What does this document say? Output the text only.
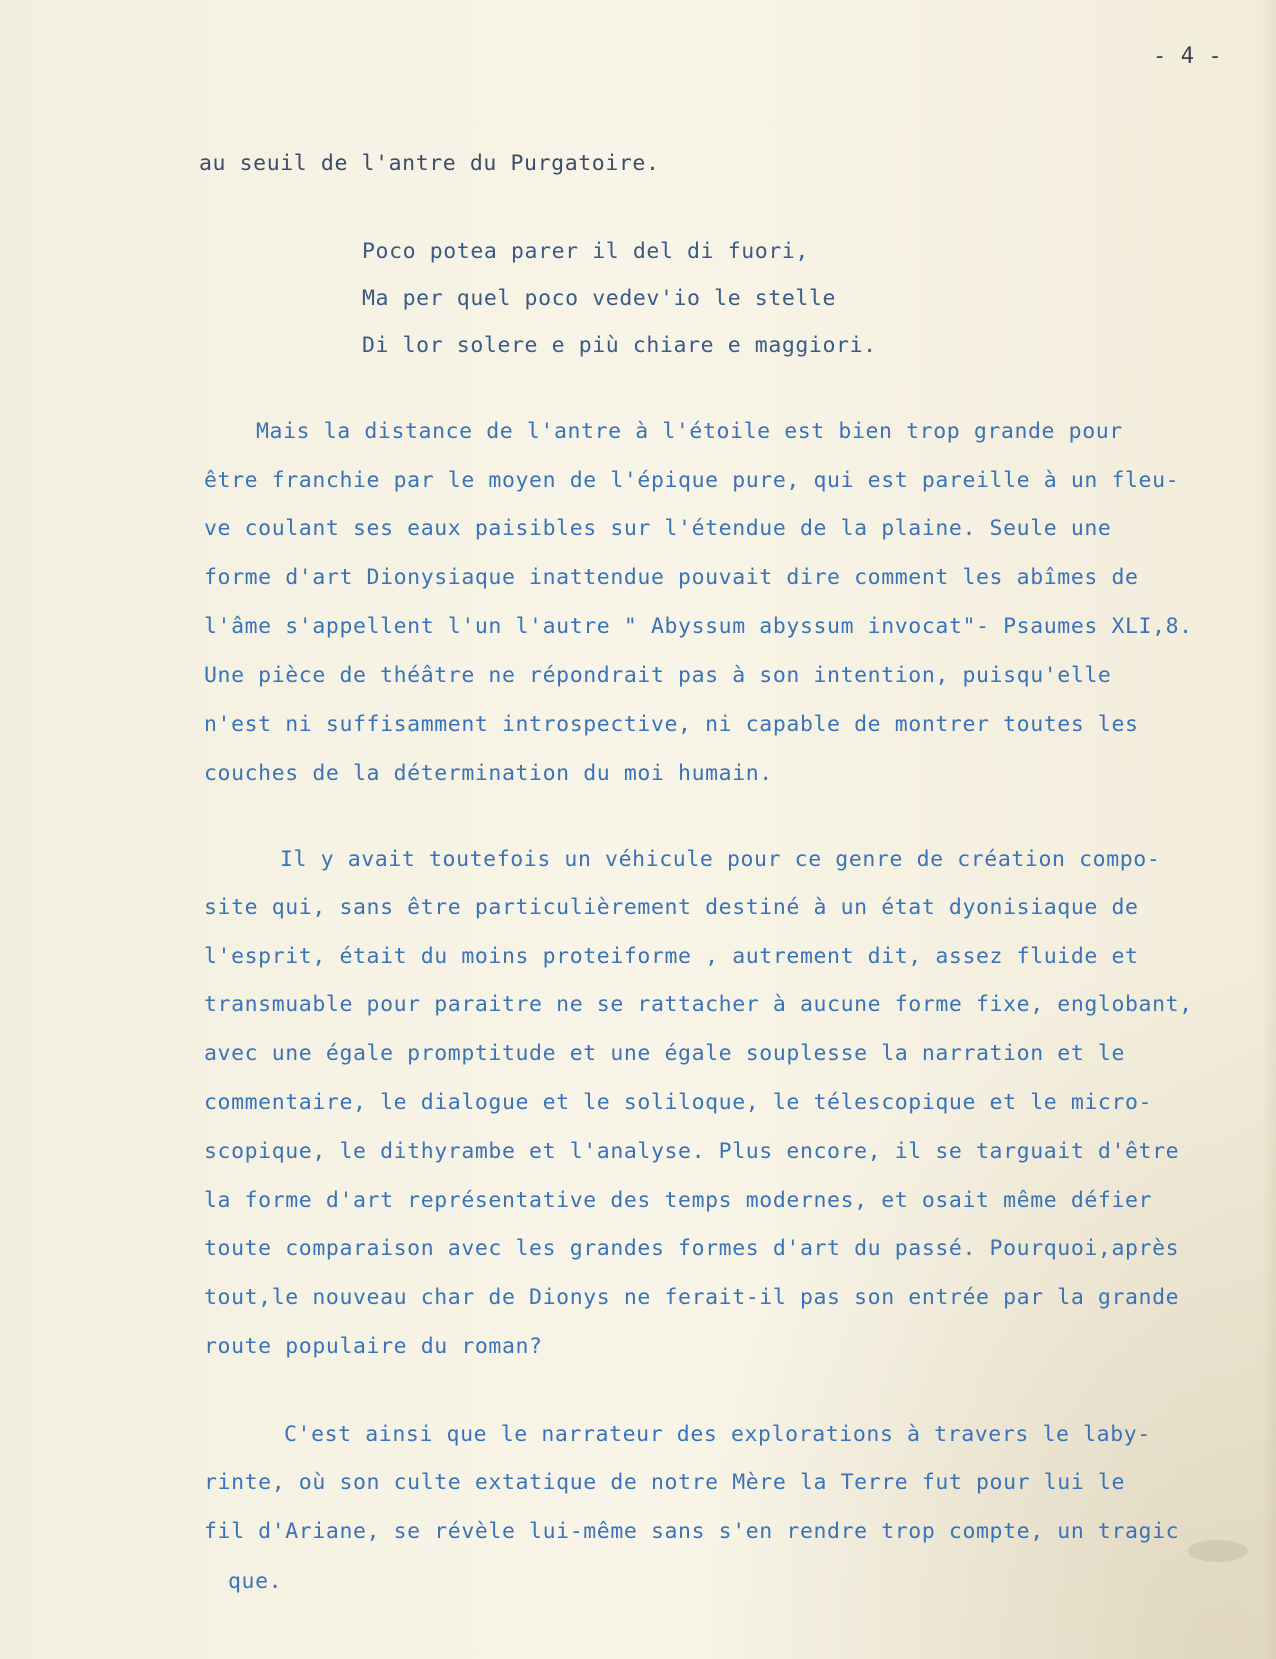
- 4 -
au seuil de l'antre du Purgatoire.
Poco potea parer il del di fuori,
Ma per quel poco vedev'io le stelle
Di lor solere e più chiare e maggiori.
Mais la distance de l'antre à l'étoile est bien trop grande pour
être franchie par le moyen de l'épique pure, qui est pareille à un fleu-
ve coulant ses eaux paisibles sur l'étendue de la plaine. Seule une
forme d'art Dionysiaque inattendue pouvait dire comment les abîmes de
l'âme s'appellent l'un l'autre " Abyssum abyssum invocat"- Psaumes XLI,8.
Une pièce de théâtre ne répondrait pas à son intention, puisqu'elle
n'est ni suffisamment introspective, ni capable de montrer toutes les
couches de la détermination du moi humain.
Il y avait toutefois un véhicule pour ce genre de création compo-
site qui, sans être particulièrement destiné à un état dyonisiaque de
l'esprit, était du moins proteiforme , autrement dit, assez fluide et
transmuable pour paraitre ne se rattacher à aucune forme fixe, englobant,
avec une égale promptitude et une égale souplesse la narration et le
commentaire, le dialogue et le soliloque, le télescopique et le micro-
scopique, le dithyrambe et l'analyse. Plus encore, il se targuait d'être
la forme d'art représentative des temps modernes, et osait même défier
toute comparaison avec les grandes formes d'art du passé. Pourquoi,après
tout,le nouveau char de Dionys ne ferait-il pas son entrée par la grande
route populaire du roman?
C'est ainsi que le narrateur des explorations à travers le laby-
rinte, où son culte extatique de notre Mère la Terre fut pour lui le
fil d'Ariane, se révèle lui-même sans s'en rendre trop compte, un tragic
que.
